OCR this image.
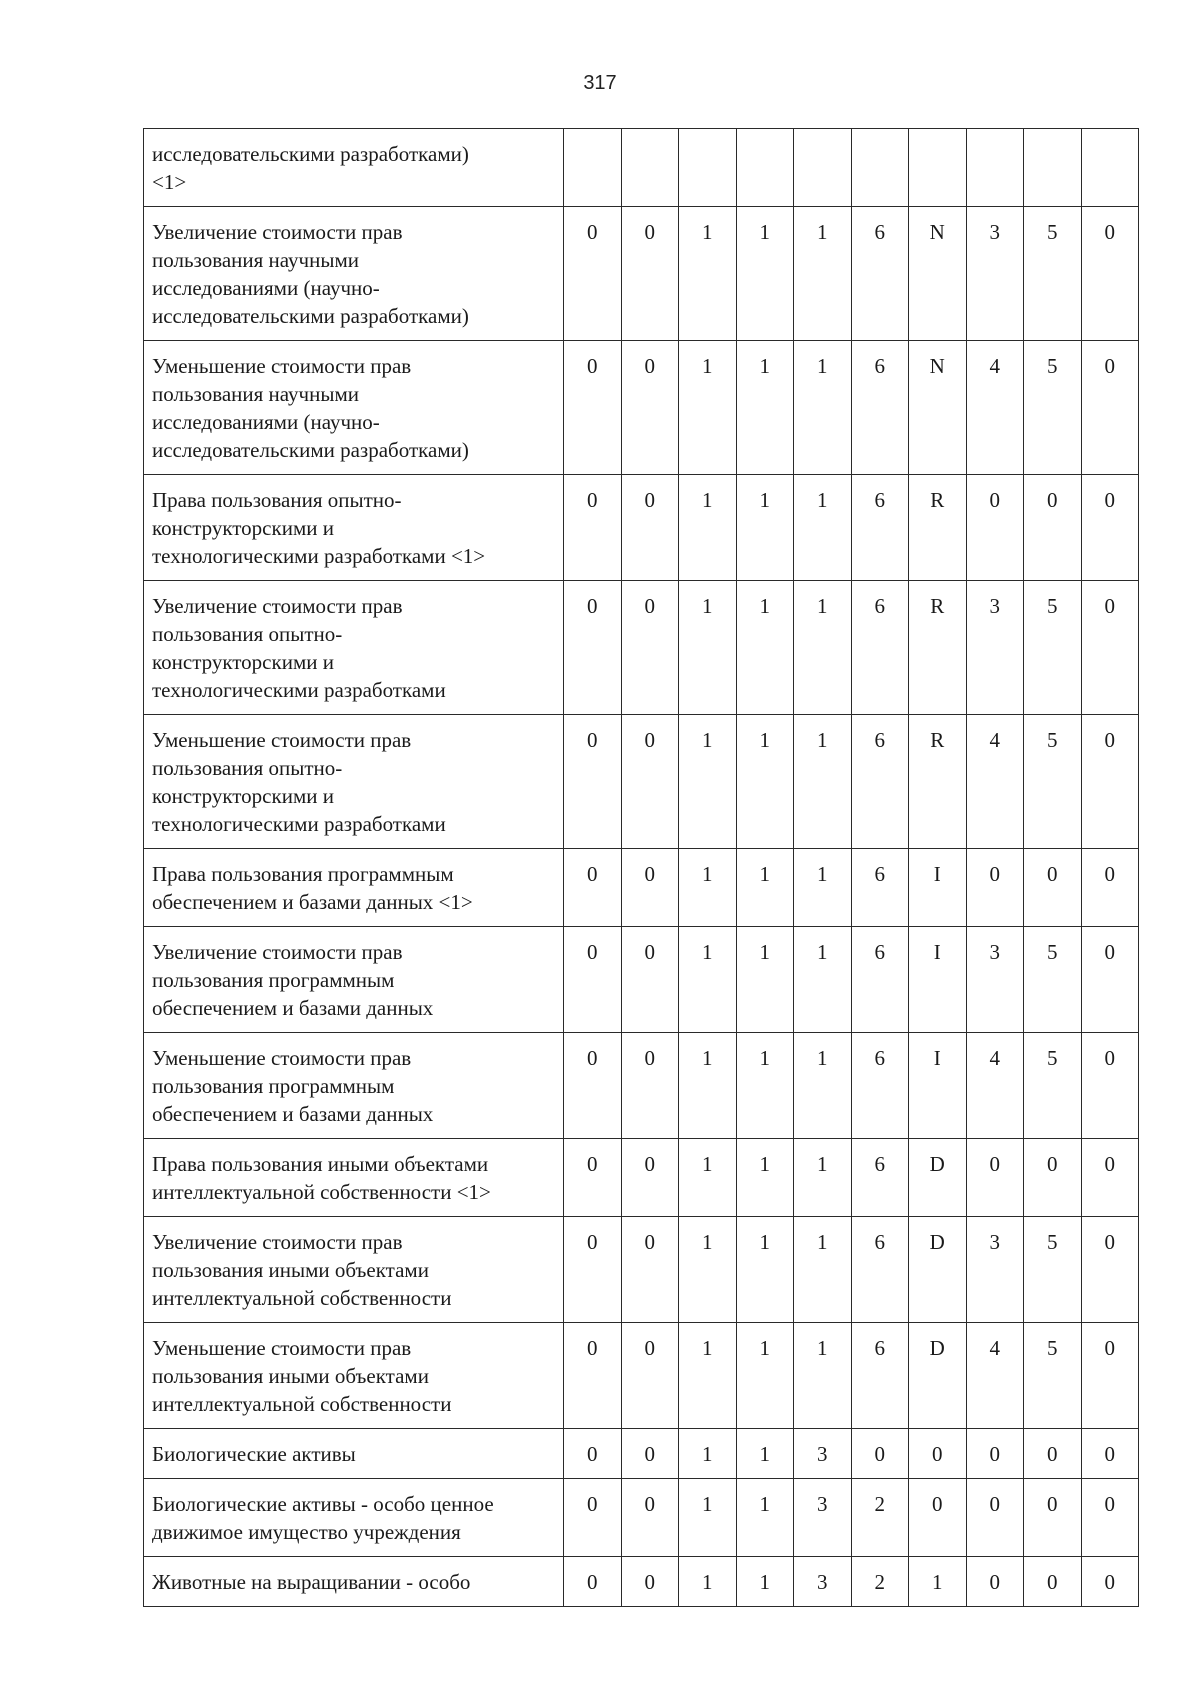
317
исследовательскими разработками)
<1>										
Увеличение стоимости прав
пользования научными
исследованиями (научно-
исследовательскими разработками)	0	0	1	1	1	6	N	3	5	0
Уменьшение стоимости прав
пользования научными
исследованиями (научно-
исследовательскими разработками)	0	0	1	1	1	6	N	4	5	0
Права пользования опытно-
конструкторскими и
технологическими разработками <1>	0	0	1	1	1	6	R	0	0	0
Увеличение стоимости прав
пользования опытно-
конструкторскими и
технологическими разработками	0	0	1	1	1	6	R	3	5	0
Уменьшение стоимости прав
пользования опытно-
конструкторскими и
технологическими разработками	0	0	1	1	1	6	R	4	5	0
Права пользования программным
обеспечением и базами данных <1>	0	0	1	1	1	6	I	0	0	0
Увеличение стоимости прав
пользования программным
обеспечением и базами данных	0	0	1	1	1	6	I	3	5	0
Уменьшение стоимости прав
пользования программным
обеспечением и базами данных	0	0	1	1	1	6	I	4	5	0
Права пользования иными объектами
интеллектуальной собственности <1>	0	0	1	1	1	6	D	0	0	0
Увеличение стоимости прав
пользования иными объектами
интеллектуальной собственности	0	0	1	1	1	6	D	3	5	0
Уменьшение стоимости прав
пользования иными объектами
интеллектуальной собственности	0	0	1	1	1	6	D	4	5	0
Биологические активы	0	0	1	1	3	0	0	0	0	0
Биологические активы - особо ценное
движимое имущество учреждения	0	0	1	1	3	2	0	0	0	0
Животные на выращивании - особо	0	0	1	1	3	2	1	0	0	0
